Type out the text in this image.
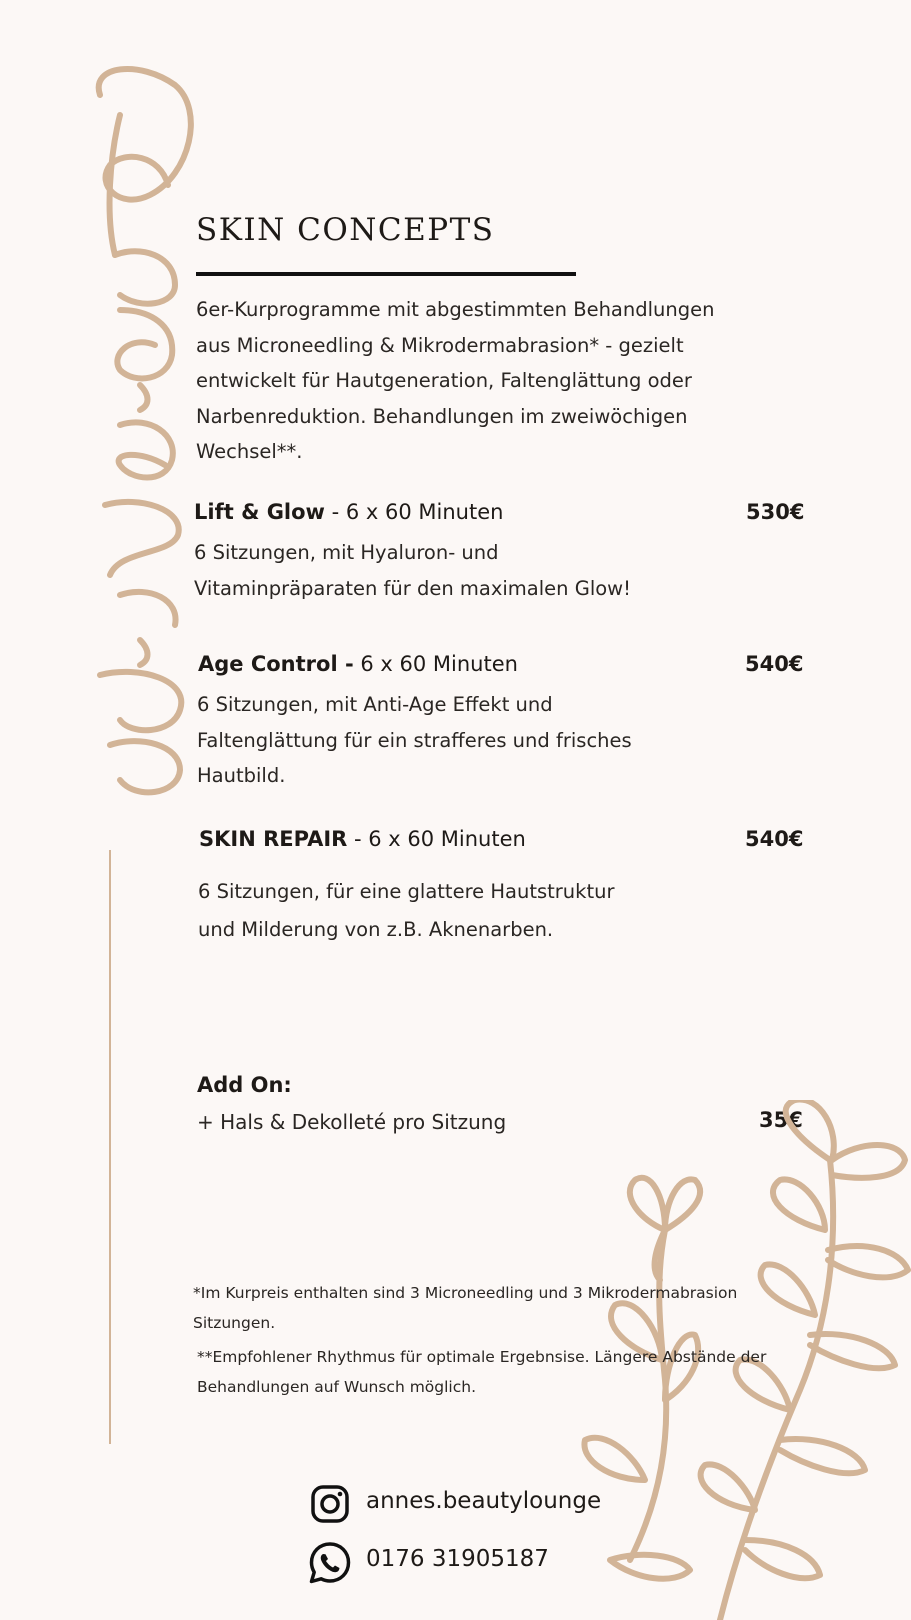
SKIN CONCEPTS
6er-Kurprogramme mit abgestimmten Behandlungen
aus Microneedling & Mikrodermabrasion* - gezielt
entwickelt für Hautgeneration, Faltenglättung oder
Narbenreduktion. Behandlungen im zweiwöchigen
Wechsel**.
Lift & Glow - 6 x 60 Minuten	530€
6 Sitzungen, mit Hyaluron- und
Vitaminpräparaten für den maximalen Glow!
Age Control - 6 x 60 Minuten	540€
6 Sitzungen, mit Anti-Age Effekt und
Faltenglättung für ein strafferes und frisches
Hautbild.
SKIN REPAIR - 6 x 60 Minuten	540€
6 Sitzungen, für eine glattere Hautstruktur
und Milderung von z.B. Aknenarben.
Add On:
+ Hals & Dekolleté pro Sitzung	35€
*Im Kurpreis enthalten sind 3 Microneedling und 3 Mikrodermabrasion
Sitzungen.
**Empfohlener Rhythmus für optimale Ergebnsise. Längere Abstände der
Behandlungen auf Wunsch möglich.
annes.beautylounge
0176 31905187
